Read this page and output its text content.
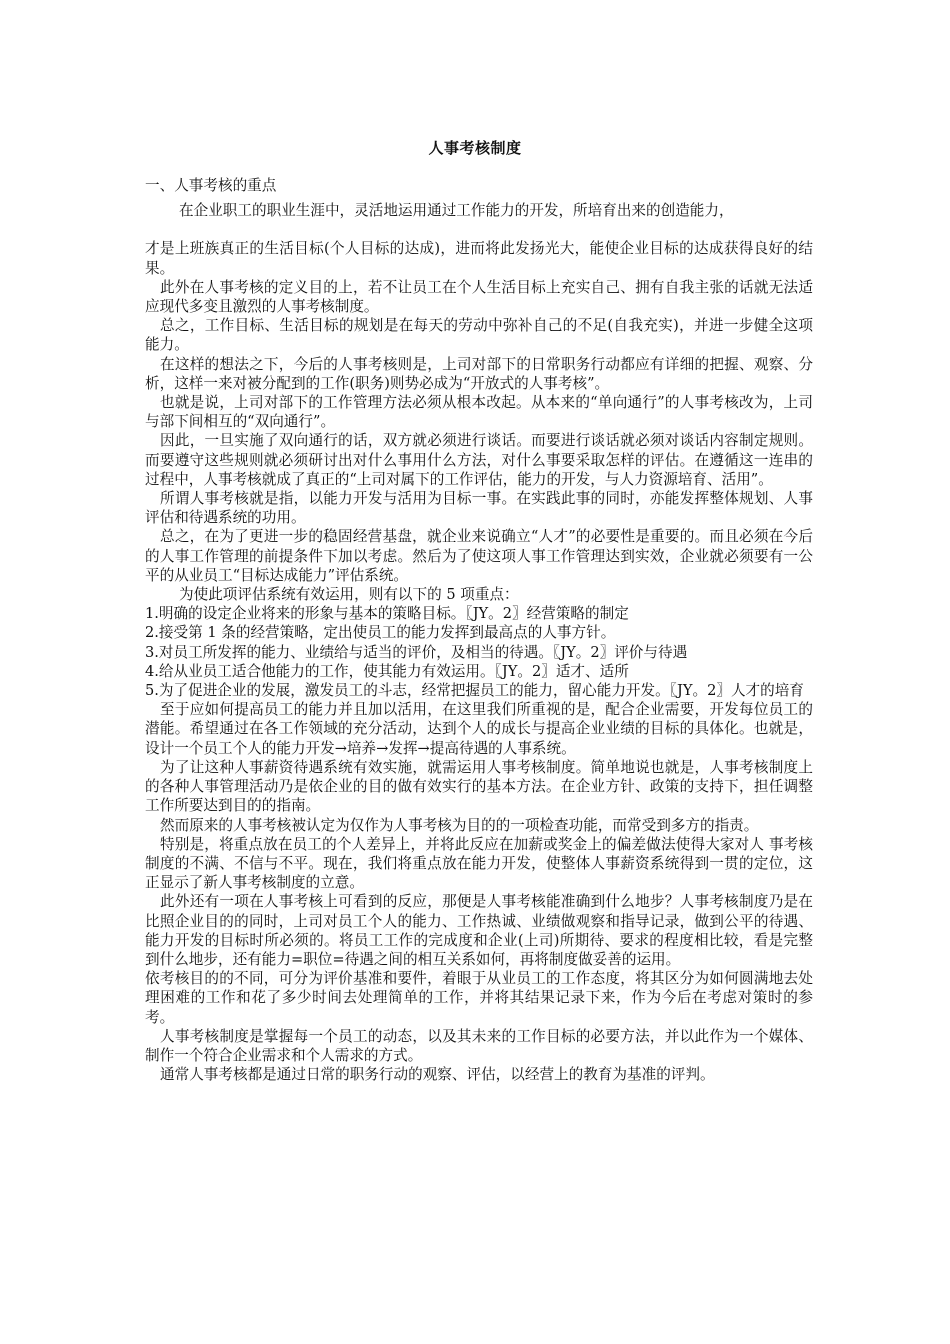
人事考核制度

一、人事考核的重点

在企业职工的职业生涯中，灵活地运用通过工作能力的开发，所培育出来的创造能力，

才是上班族真正的生活目标(个人目标的达成)，进而将此发扬光大，能使企业目标的达成获得良好的结果。

此外在人事考核的定义目的上，若不让员工在个人生活目标上充实自己、拥有自我主张的话就无法适应现代多变且激烈的人事考核制度。

总之，工作目标、生活目标的规划是在每天的劳动中弥补自己的不足(自我充实)，并进一步健全这项能力。

在这样的想法之下，今后的人事考核则是，上司对部下的日常职务行动都应有详细的把握、观察、分析，这样一来对被分配到的工作(职务)则势必成为“开放式的人事考核”。

也就是说，上司对部下的工作管理方法必须从根本改起。从本来的“单向通行”的人事考核改为，上司与部下间相互的“双向通行”。

因此，一旦实施了双向通行的话，双方就必须进行谈话。而要进行谈话就必须对谈话内容制定规则。而要遵守这些规则就必须研讨出对什么事用什么方法，对什么事要采取怎样的评估。在遵循这一连串的过程中，人事考核就成了真正的“上司对属下的工作评估，能力的开发，与人力资源培育、活用”。

所谓人事考核就是指，以能力开发与活用为目标一事。在实践此事的同时，亦能发挥整体规划、人事评估和待遇系统的功用。

总之，在为了更进一步的稳固经营基盘，就企业来说确立“人才”的必要性是重要的。而且必须在今后的人事工作管理的前提条件下加以考虑。然后为了使这项人事工作管理达到实效，企业就必须要有一公平的从业员工“目标达成能力”评估系统。

为使此项评估系统有效运用，则有以下的 5 项重点：

1.明确的设定企业将来的形象与基本的策略目标。〖JY。2〗经营策略的制定

2.接受第 1 条的经营策略，定出使员工的能力发挥到最高点的人事方针。

3.对员工所发挥的能力、业绩给与适当的评价，及相当的待遇。〖JY。2〗评价与待遇

4.给从业员工适合他能力的工作，使其能力有效运用。〖JY。2〗适才、适所

5.为了促进企业的发展，激发员工的斗志，经常把握员工的能力，留心能力开发。〖JY。2〗人才的培育

至于应如何提高员工的能力并且加以活用，在这里我们所重视的是，配合企业需要，开发每位员工的潜能。希望通过在各工作领域的充分活动，达到个人的成长与提高企业业绩的目标的具体化。也就是，设计一个员工个人的能力开发→培养→发挥→提高待遇的人事系统。

为了让这种人事薪资待遇系统有效实施，就需运用人事考核制度。简单地说也就是，人事考核制度上的各种人事管理活动乃是依企业的目的做有效实行的基本方法。在企业方针、政策的支持下，担任调整工作所要达到目的的指南。

然而原来的人事考核被认定为仅作为人事考核为目的的一项检查功能，而常受到多方的指责。

特别是，将重点放在员工的个人差异上，并将此反应在加薪或奖金上的偏差做法使得大家对人 事考核制度的不满、不信与不平。现在，我们将重点放在能力开发，使整体人事薪资系统得到一贯的定位，这正显示了新人事考核制度的立意。

此外还有一项在人事考核上可看到的反应，那便是人事考核能准确到什么地步？人事考核制度乃是在比照企业目的的同时，上司对员工个人的能力、工作热诚、业绩做观察和指导记录，做到公平的待遇、能力开发的目标时所必须的。将员工工作的完成度和企业(上司)所期待、要求的程度相比较，看是完整到什么地步，还有能力=职位=待遇之间的相互关系如何，再将制度做妥善的运用。

依考核目的的不同，可分为评价基准和要件，着眼于从业员工的工作态度，将其区分为如何圆满地去处理困难的工作和花了多少时间去处理简单的工作，并将其结果记录下来，作为今后在考虑对策时的参考。

人事考核制度是掌握每一个员工的动态，以及其未来的工作目标的必要方法，并以此作为一个媒体、制作一个符合企业需求和个人需求的方式。

通常人事考核都是通过日常的职务行动的观察、评估，以经营上的教育为基准的评判。
